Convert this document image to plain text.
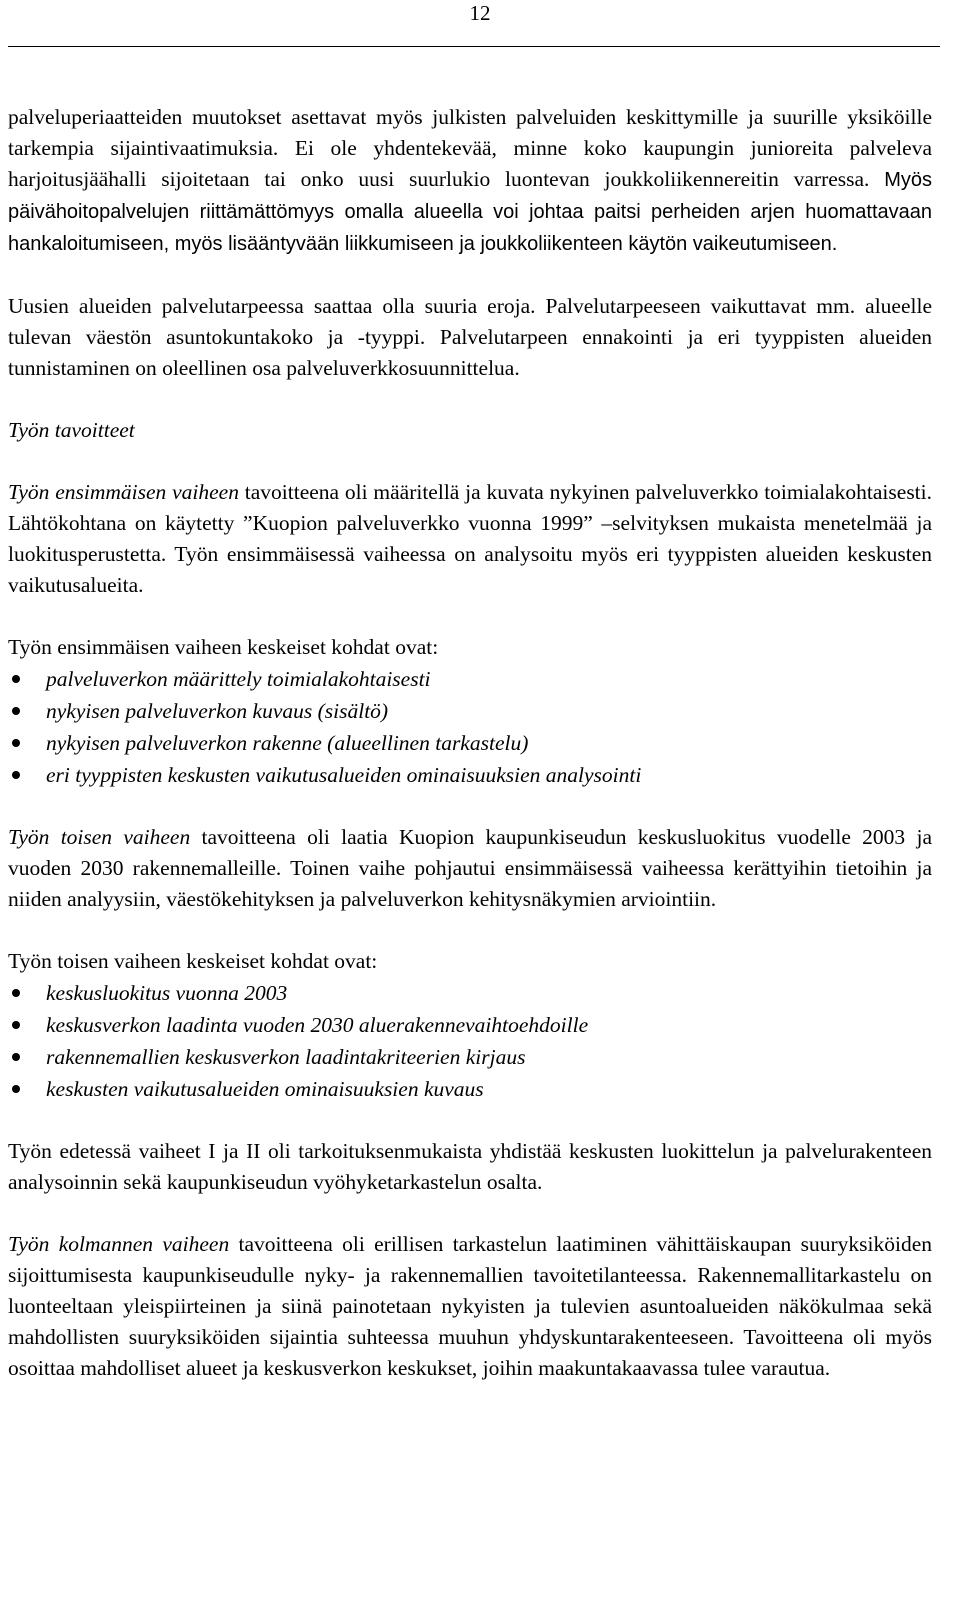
12

palveluperiaatteiden muutokset asettavat myös julkisten palveluiden keskittymille ja suurille yksiköille tarkempia sijaintivaatimuksia. Ei ole yhdentekevää, minne koko kaupungin junioreita palveleva harjoitusjäähalli sijoitetaan tai onko uusi suurlukio luontevan joukkoliikennereitin varressa. Myös päivähoitopalvelujen riittämättömyys omalla alueella voi johtaa paitsi perheiden arjen huomattavaan hankaloitumiseen, myös lisääntyvään liikkumiseen ja joukkoliikenteen käytön vaikeutumiseen.

Uusien alueiden palvelutarpeessa saattaa olla suuria eroja. Palvelutarpeeseen vaikuttavat mm. alueelle tulevan väestön asuntokuntakoko ja -tyyppi. Palvelutarpeen ennakointi ja eri tyyppisten alueiden tunnistaminen on oleellinen osa palveluverkkosuunnittelua.

Työn tavoitteet

Työn ensimmäisen vaiheen tavoitteena oli määritellä ja kuvata nykyinen palveluverkko toimialakohtaisesti. Lähtökohtana on käytetty ”Kuopion palveluverkko vuonna 1999” –selvityksen mukaista menetelmää ja luokitusperustetta. Työn ensimmäisessä vaiheessa on analysoitu myös eri tyyppisten alueiden keskusten vaikutusalueita.

Työn ensimmäisen vaiheen keskeiset kohdat ovat:

palveluverkon määrittely toimialakohtaisesti
nykyisen palveluverkon kuvaus (sisältö)
nykyisen palveluverkon rakenne (alueellinen tarkastelu)
eri tyyppisten keskusten vaikutusalueiden ominaisuuksien analysointi

Työn toisen vaiheen tavoitteena oli laatia Kuopion kaupunkiseudun keskusluokitus vuodelle 2003 ja vuoden 2030 rakennemalleille. Toinen vaihe pohjautui ensimmäisessä vaiheessa kerättyihin tietoihin ja niiden analyysiin, väestökehityksen ja palveluverkon kehitysnäkymien arviointiin.

Työn toisen vaiheen keskeiset kohdat ovat:

keskusluokitus vuonna 2003
keskusverkon laadinta vuoden 2030 aluerakennevaihtoehdoille
rakennemallien keskusverkon laadintakriteerien kirjaus
keskusten vaikutusalueiden ominaisuuksien kuvaus

Työn edetessä vaiheet I ja II oli tarkoituksenmukaista yhdistää keskusten luokittelun ja palvelurakenteen analysoinnin sekä kaupunkiseudun vyöhyketarkastelun osalta.

Työn kolmannen vaiheen tavoitteena oli erillisen tarkastelun laatiminen vähittäiskaupan suuryksiköiden sijoittumisesta kaupunkiseudulle nyky- ja rakennemallien tavoitetilanteessa. Rakennemallitarkastelu on luonteeltaan yleispiirteinen ja siinä painotetaan nykyisten ja tulevien asuntoalueiden näkökulmaa sekä mahdollisten suuryksiköiden sijaintia suhteessa muuhun yhdyskuntarakenteeseen. Tavoitteena oli myös osoittaa mahdolliset alueet ja keskusverkon keskukset, joihin maakuntakaavassa tulee varautua.
